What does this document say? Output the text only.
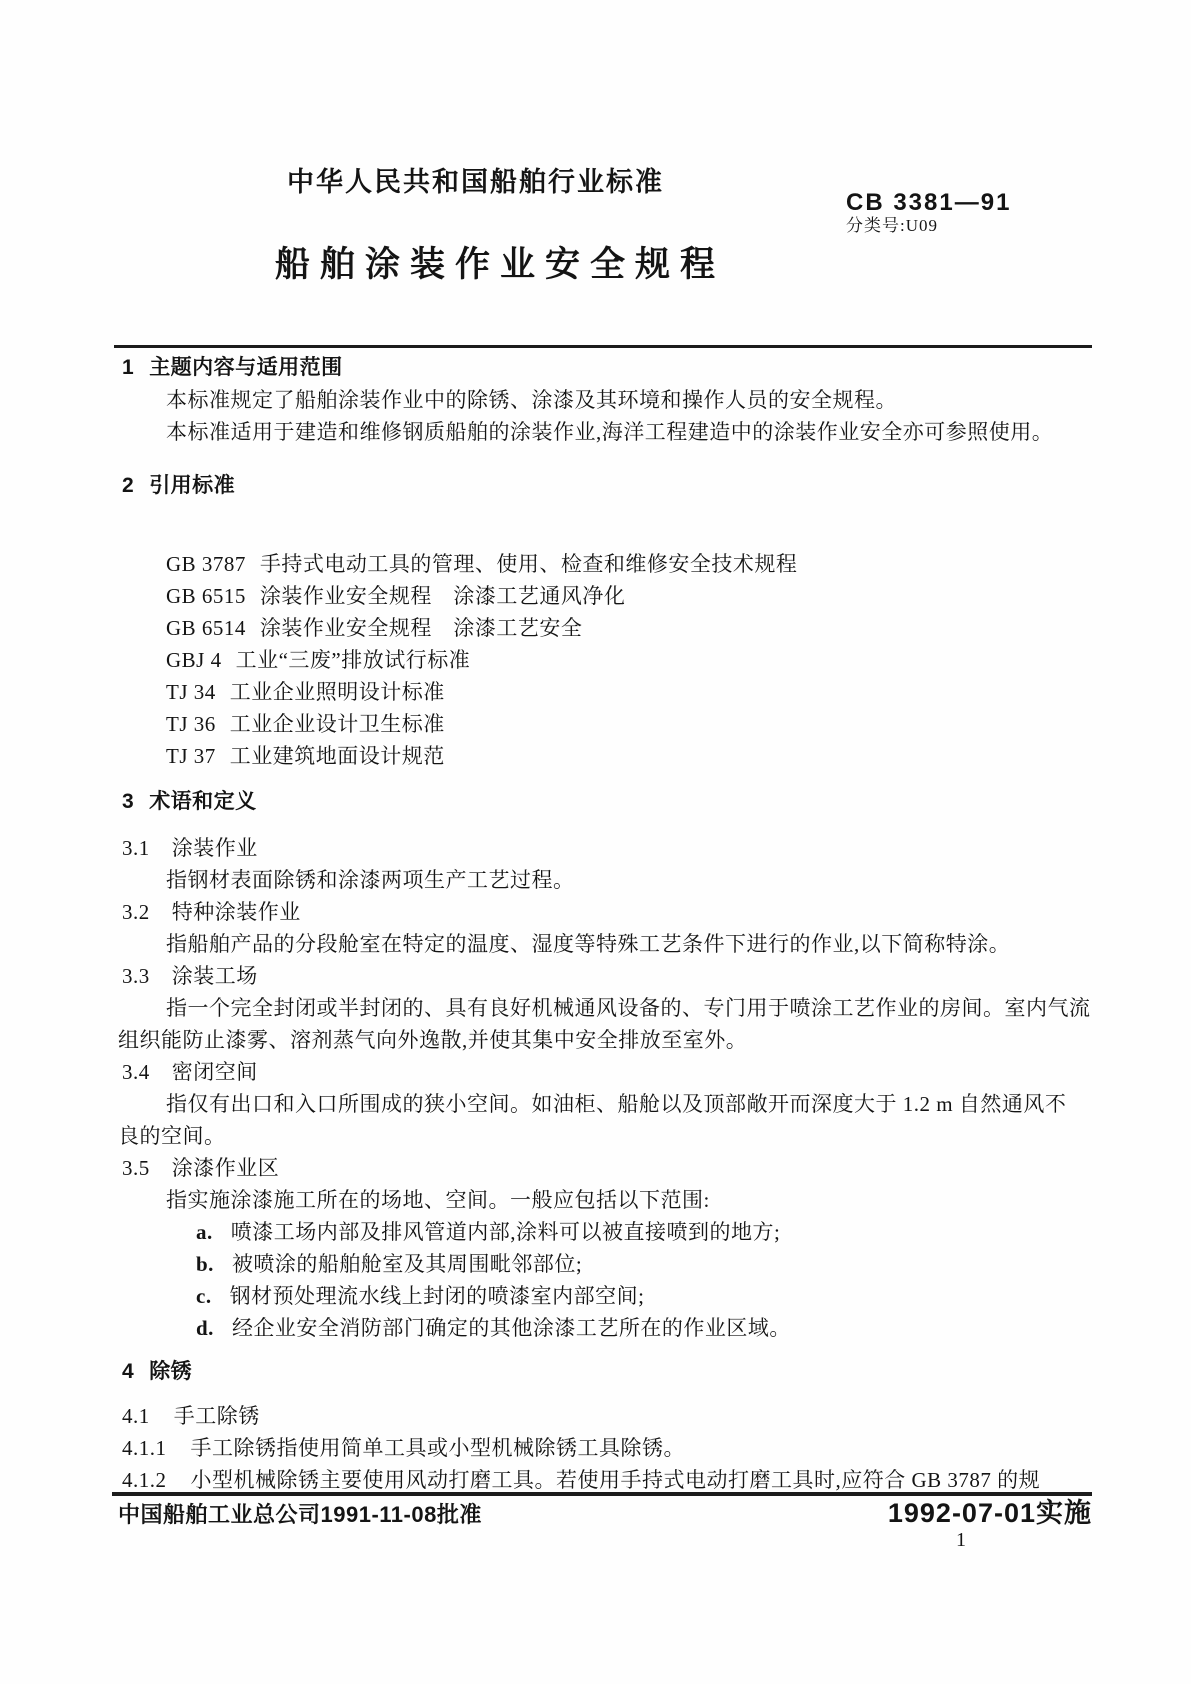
中华人民共和国船舶行业标准
CB 3381—91
分类号:U09
船舶涂装作业安全规程
1 主题内容与适用范围

本标准规定了船舶涂装作业中的除锈、涂漆及其环境和操作人员的安全规程。

本标准适用于建造和维修钢质船舶的涂装作业,海洋工程建造中的涂装作业安全亦可参照使用。

2 引用标准
GB 3787 手持式电动工具的管理、使用、检查和维修安全技术规程
GB 6515 涂装作业安全规程　涂漆工艺通风净化
GB 6514 涂装作业安全规程　涂漆工艺安全
GBJ 4 工业“三废”排放试行标准
TJ 34 工业企业照明设计标准
TJ 36 工业企业设计卫生标准
TJ 37 工业建筑地面设计规范
3 术语和定义
3.1 涂装作业

指钢材表面除锈和涂漆两项生产工艺过程。

3.2 特种涂装作业

指船舶产品的分段舱室在特定的温度、湿度等特殊工艺条件下进行的作业,以下简称特涂。

3.3 涂装工场

指一个完全封闭或半封闭的、具有良好机械通风设备的、专门用于喷涂工艺作业的房间。室内气流

组织能防止漆雾、溶剂蒸气向外逸散,并使其集中安全排放至室外。

3.4 密闭空间

指仅有出口和入口所围成的狭小空间。如油柜、船舱以及顶部敞开而深度大于 1.2 m 自然通风不

良的空间。

3.5 涂漆作业区

指实施涂漆施工所在的场地、空间。一般应包括以下范围:

a. 喷漆工场内部及排风管道内部,涂料可以被直接喷到的地方;
b. 被喷涂的船舶舱室及其周围毗邻部位;
c. 钢材预处理流水线上封闭的喷漆室内部空间;
d. 经企业安全消防部门确定的其他涂漆工艺所在的作业区域。
4 除锈
4.1 手工除锈
4.1.1 手工除锈指使用简单工具或小型机械除锈工具除锈。
4.1.2 小型机械除锈主要使用风动打磨工具。若使用手持式电动打磨工具时,应符合 GB 3787 的规
中国船舶工业总公司1991-11-08批准	1992-07-01实施
1
